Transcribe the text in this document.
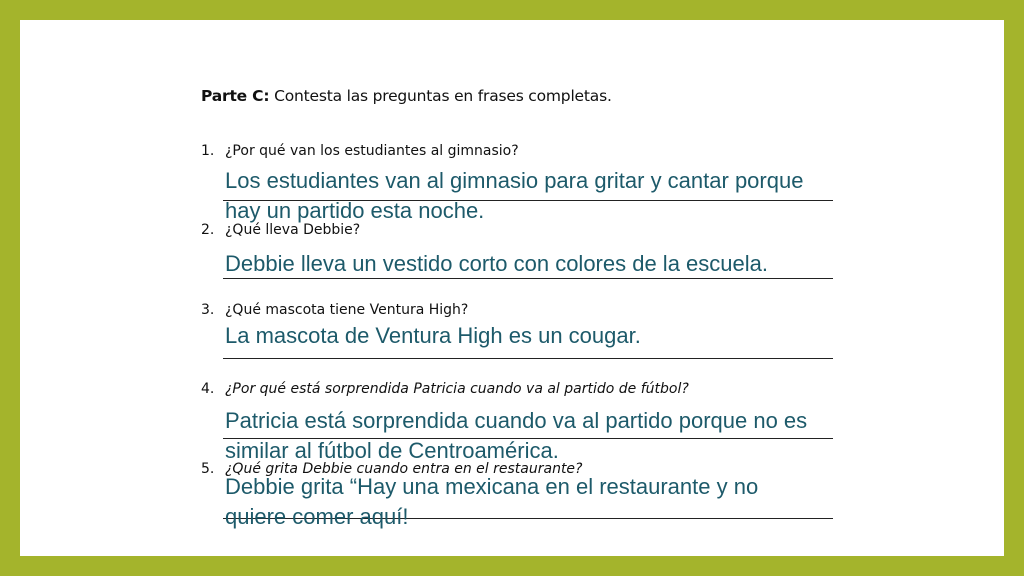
Parte C: Contesta las preguntas en frases completas.
1. ¿Por qué van los estudiantes al gimnasio?
2. ¿Qué lleva Debbie?
3. ¿Qué mascota tiene Ventura High?
4. ¿Por qué está sorprendida Patricia cuando va al partido de fútbol?
5. ¿Qué grita Debbie cuando entra en el restaurante?
Los estudiantes van al gimnasio para gritar y cantar porque hay un partido esta noche.
Debbie lleva un vestido corto con colores de la escuela.
La mascota de Ventura High es un cougar.
Patricia está sorprendida cuando va al partido porque no es similar al fútbol de Centroamérica.
Debbie grita “Hay una mexicana en el restaurante y no quiere comer aquí!
